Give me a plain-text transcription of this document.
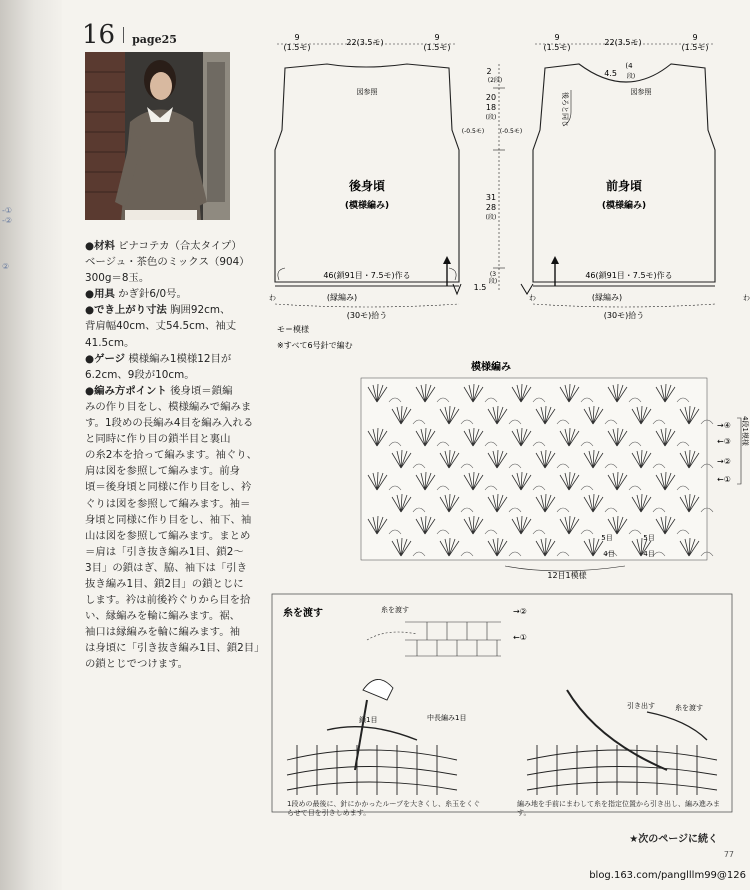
-①
-②
②
16 page25

●材料 ピナコテカ（合太タイプ）

ベージュ・茶色のミックス（904）

300g＝8玉。

●用具 かぎ針6/0号。

●でき上がり寸法 胸囲92cm、

背肩幅40cm、丈54.5cm、袖丈

41.5cm。

●ゲージ 模様編み1模様12目が

6.2cm、9段が10cm。

●編み方ポイント 後身頃＝鎖編

みの作り目をし、模様編みで編みま

す。1段めの長編み4目を編み入れる

と同時に作り目の鎖半目と裏山

の糸2本を拾って編みます。袖ぐり、

肩は図を参照して編みます。前身

頃＝後身頃と同様に作り目をし、衿

ぐりは図を参照して編みます。袖＝

身頃と同様に作り目をし、袖下、袖

山は図を参照して編みます。まとめ

＝肩は「引き抜き編み1目、鎖2〜

3目」の鎖はぎ、脇、袖下は「引き

抜き編み1目、鎖2目」の鎖とじに

します。衿は前後衿ぐりから目を拾

い、縁編みを輪に編みます。裾、

袖口は縁編みを輪に編みます。袖

は身頃に「引き抜き編み1目、鎖2目」

の鎖とじでつけます。

9
(1.5モ)
22(3.5モ)
9
(1.5モ)
図参照
後身頃
(模様編み)
46(鎖91目・7.5モ)作る
わ	(縁編み)
(30モ)拾う
2
(2段)
20
18
(段)
(-0.5モ)	(-0.5モ)
31
28
(段)
(3
段)
1.5
9
(1.5モ)
22(3.5モ)
9
(1.5モ)
4.5
(4
段)
後ろと同じ	図参照
前身頃
(模様編み)
46(鎖91目・7.5モ)作る
わ	わ
(縁編み)
(30モ)拾う
モ＝模様
※すべて6号針で編む
模様編み
→④
←③
→②
←①
4段1模様
5目	5目
4目	4目
12目1模様
糸を渡す	糸を渡す	→②
←①
鎖1目	中長編み1目
引き出す	糸を渡す
1段めの最後に、針にかかったループを大きくし、糸玉をくぐらせて目を引きしめます。
編み地を手前にまわして糸を指定位置から引き出し、編み進みます。
★次のページに続く
77
blog.163.com/panglllm99@126
